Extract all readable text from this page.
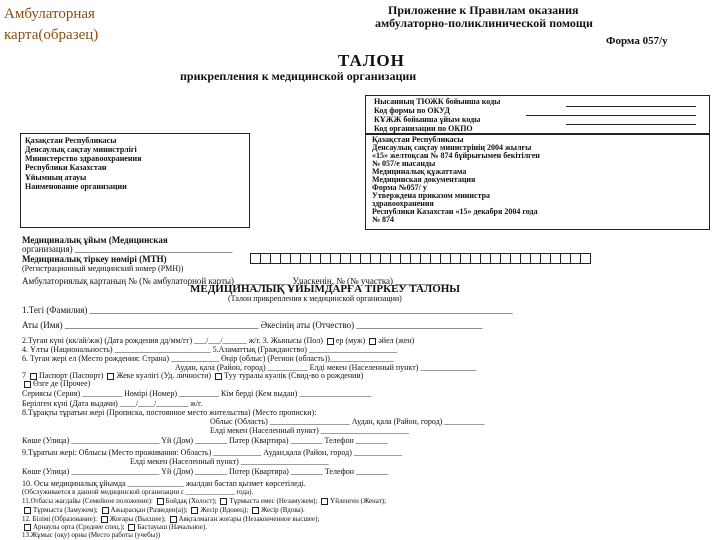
Амбулаторная
карта(образец)
Приложение к Правилам оказания
амбулаторно-поликлинической помощи
Форма 057/у
ТАЛОН
прикрепления к медицинской организации
Нысанның ТЮЖК бойынша коды
Код формы по ОКУД
КҰЖЖ бойынша ұйым коды
Код организации по ОКПО
Қазақстан Республикасы
Денсаулық сақтау министрлігі
Министерство здравоохранения
Республики Казахстан
Ұйымның атауы
Наименование организации
Қазақстан Республикасы
Денсаулық сақтау министрінің 2004 жылғы
«15» желтоқсан № 874 бұйрығымен бекітілген
№ 057/е нысанды
Медициналық құжаттама
Медицинская документация
Форма №057/ у
Утверждена приказом министра
здравоохранения
Республики Казахстан «15» декабря 2004 года
№ 874
Медициналық ұйым (Медицинская
организация) ___________________________________
Медициналық тіркеу нөмірі (МТН)
(Регистрационный медицинский номер (РМН))
Амбулаториялық картаның № (№ амбулаторной карты) ____________ Учаскенің, № (№ участка) ____________
МЕДИЦИНАЛЫҚ ҰЙЫМДАРҒА ТІРКЕУ ТАЛОНЫ
(Талон прикрепления к медицинской организации)
1.Тегі (Фамилия) ______________________________________________________________________________________________
Аты (Имя) ___________________________________________ Әкесінің аты (Отчество) ____________________________
2.Туған күні (кк/ай/жж) (Дата рождения дд/мм/гг) ___/___/______ ж/г. 3. Жынысы (Пол) ер (муж) әйел (жен)
4. Ұлты (Национальность) ________________________ 5.Азаматтық (Гражданство) ______________________
6. Туған жері ел (Место рождения: Страна) ____________ Өңір (облыс) (Регион (область))________________
Аудан, қала (Район, город) __________ Елді мекен (Населенный пункт) ______________
7 Паспорт (Паспорт) Жеке куәлігі (Уд. личности) Туу туралы куәлік (Свид-во о рождении)
Өзге де (Прочее)
Сериясы (Серия) __________ Нөмірі (Номер) __________ Кім берді (Кем выдан) __________________
Берілген күні (Дата выдачи) ____/____/________ ж/г.
8.Тұрақты тұратын жері (Прописка, постоянное место жительства) (Место прописки):
Облыс (Область) ____________________ Аудан, қала (Район, город) __________
Елді мекен (Населенный пункт) ______________________
Көше (Улица) ______________________ Үй (Дом) ________ Пәтер (Квартира) ________ Телефон ________
9.Тұратын жері: Облысы (Место проживания: Область) ____________ Аудан,қала (Район, город) ____________
Елді мекен (Населенный пункт) ______________________
Көше (Улица) ______________________ Үй (Дом) ________ Потер (Квартира) ________ Телефон ________
10. Осы медициналық ұйымда ______________ жылдан бастап қызмет көрсетіледі.
(Обслуживается в данной медицинской организации с ______________ года).
11.Отбасы жағдайы (Семейное положение): Бойдақ (Холост); Тұрмыста емес (Незамужем); Үйленген (Женат);
Тұрмыста (Замужем); Ажырасқан (Разведен(а)); Жесір (Вдовец); Жесір (Вдова).
12. Білімі (Образование): Жоғары (Высшее); Аяқталмаған жоғары (Незаконченное высшее);
Арнаулы орта (Среднее спец.); Бастауыш (Начальное).
13.Жұмыс (оқу) орны (Место работы (учебы))
